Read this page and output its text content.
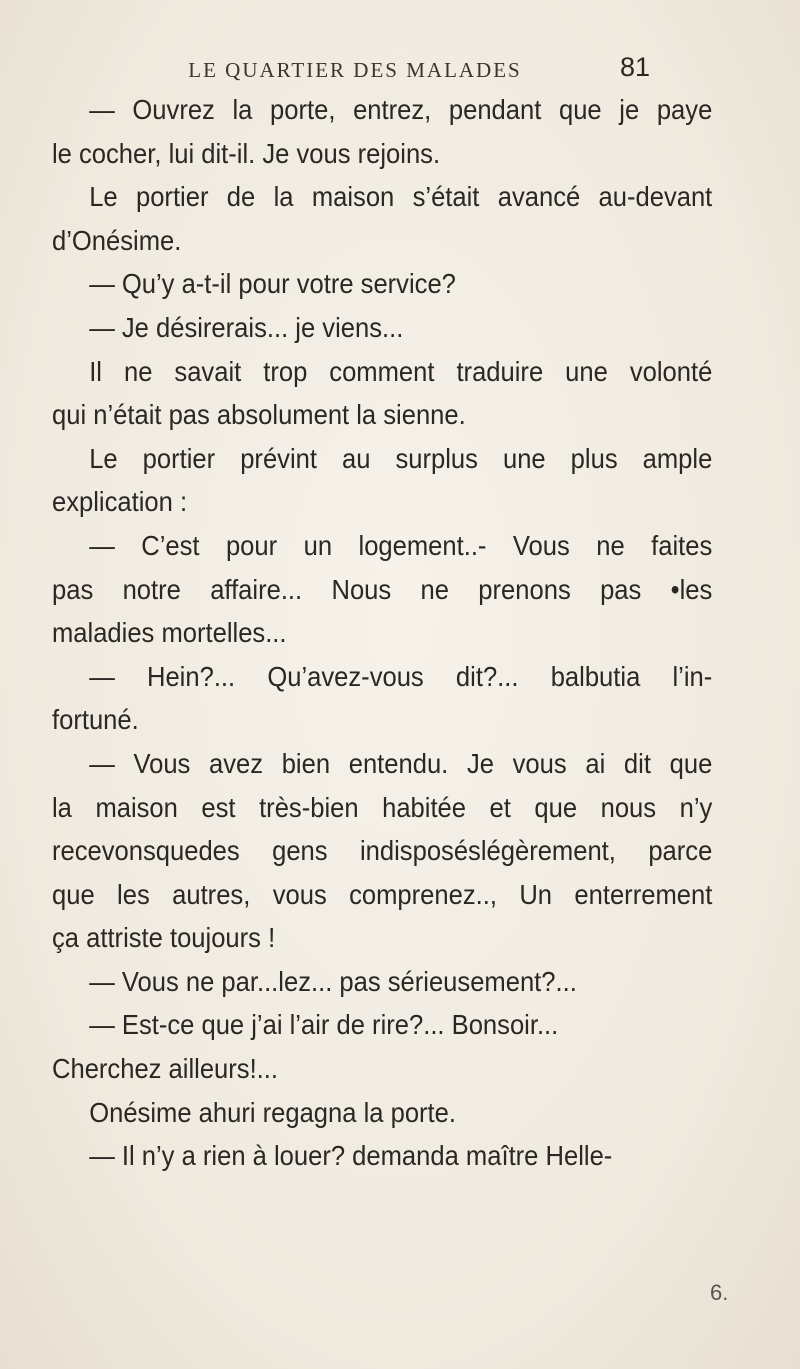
LE QUARTIER DES MALADES	81
— Ouvrez la porte, entrez, pendant que je paye
le cocher, lui dit-il. Je vous rejoins.
Le portier de la maison s’était avancé au-devant
d’Onésime.
— Qu’y a-t-il pour votre service?
— Je désirerais... je viens...
Il ne savait trop comment traduire une volonté
qui n’était pas absolument la sienne.
Le portier prévint au surplus une plus ample
explication :
— C’est pour un logement..- Vous ne faites
pas notre affaire... Nous ne prenons pas •les
maladies mortelles...
— Hein?... Qu’avez-vous dit?... balbutia l’in-
fortuné.
— Vous avez bien entendu. Je vous ai dit que
la maison est très-bien habitée et que nous n’y
recevonsquedes gens indisposéslégèrement, parce
que les autres, vous comprenez.., Un enterrement
ça attriste toujours !
— Vous ne par...lez... pas sérieusement?...
— Est-ce que j’ai l’air de rire?... Bonsoir...
Cherchez ailleurs!...
Onésime ahuri regagna la porte.
— Il n’y a rien à louer? demanda maître Helle-
6.
